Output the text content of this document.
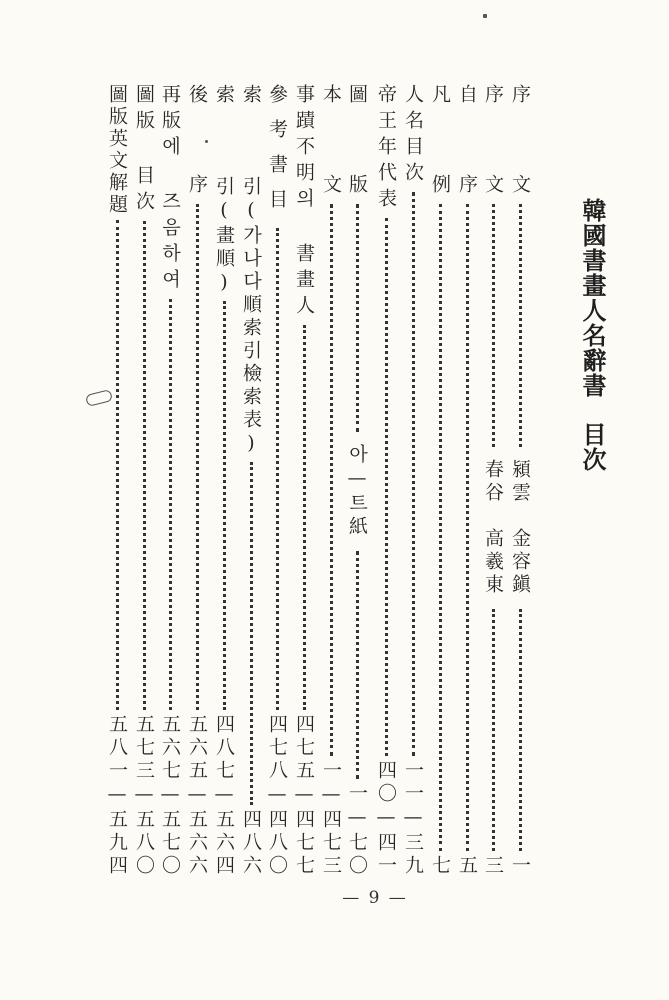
韓國書畫人名辭書目次
序文
潁雲　金容鎭
一
序文
春谷　高羲東
三
自序
五
凡例
七
人名目次
一一—三九
帝王年代表
四〇—四一
圖版
아—트紙
一—七〇
本文
一—四七三
事蹟不明의 書畫人
四七五—四七七
參考書目
四七八—四八〇
索　　　引(가나다順索引檢索表)
四八六
索　　　引(畫順)
四八七—五六四
後序
五六五—五六六
再版에 즈음하여
五六七—五七〇
圖版 目次
五七三—五八〇
圖版英文解題
五八一—五九四
— 9 —
